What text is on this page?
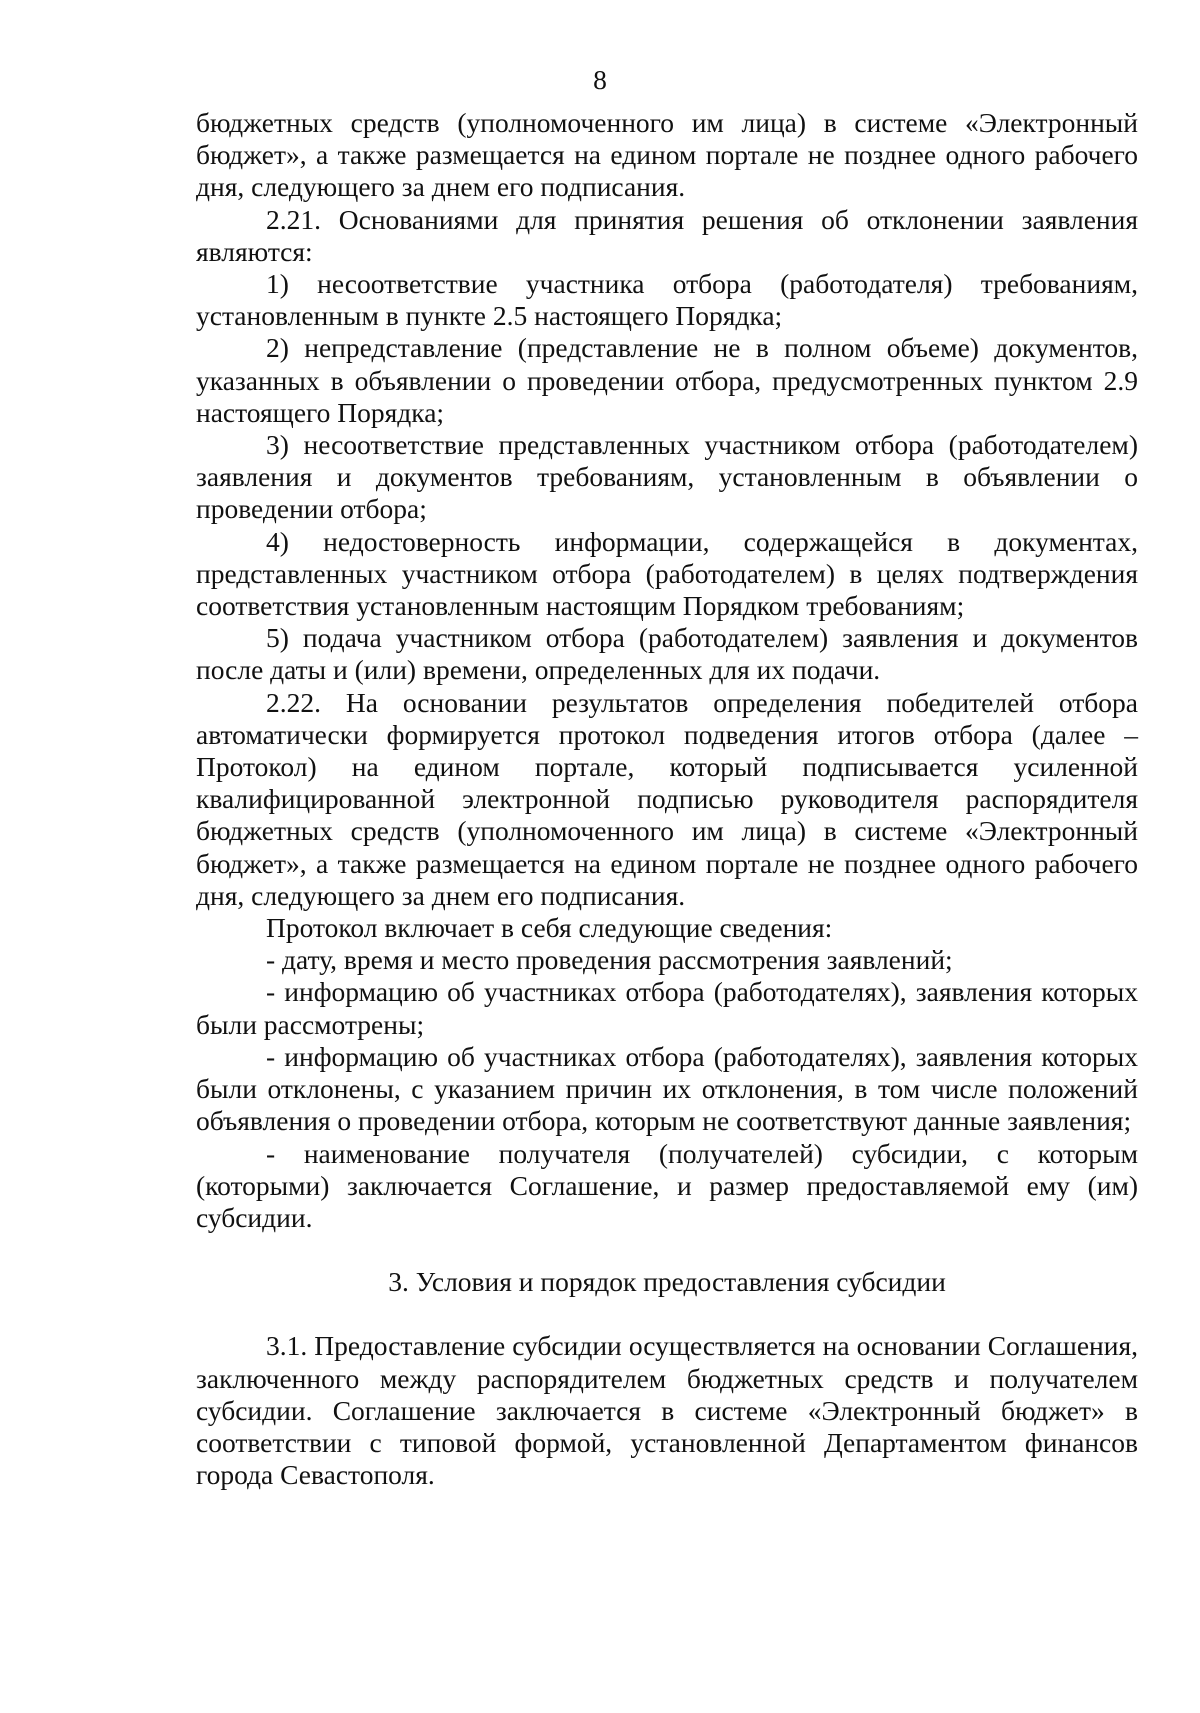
8

бюджетных средств (уполномоченного им лица) в системе «Электронный бюджет», а также размещается на едином портале не позднее одного рабочего дня, следующего за днем его подписания.

2.21. Основаниями для принятия решения об отклонении заявления являются:

1) несоответствие участника отбора (работодателя) требованиям, установленным в пункте 2.5 настоящего Порядка;

2) непредставление (представление не в полном объеме) документов, указанных в объявлении о проведении отбора, предусмотренных пунктом 2.9 настоящего Порядка;

3) несоответствие представленных участником отбора (работодателем) заявления и документов требованиям, установленным в объявлении о проведении отбора;

4) недостоверность информации, содержащейся в документах, представленных участником отбора (работодателем) в целях подтверждения соответствия установленным настоящим Порядком требованиям;

5) подача участником отбора (работодателем) заявления и документов после даты и (или) времени, определенных для их подачи.

2.22. На основании результатов определения победителей отбора автоматически формируется протокол подведения итогов отбора (далее – Протокол) на едином портале, который подписывается усиленной квалифицированной электронной подписью руководителя распорядителя бюджетных средств (уполномоченного им лица) в системе «Электронный бюджет», а также размещается на едином портале не позднее одного рабочего дня, следующего за днем его подписания.

Протокол включает в себя следующие сведения:

- дату, время и место проведения рассмотрения заявлений;

- информацию об участниках отбора (работодателях), заявления которых были рассмотрены;

- информацию об участниках отбора (работодателях), заявления которых были отклонены, с указанием причин их отклонения, в том числе положений объявления о проведении отбора, которым не соответствуют данные заявления;

- наименование получателя (получателей) субсидии, с которым (которыми) заключается Соглашение, и размер предоставляемой ему (им) субсидии.

3. Условия и порядок предоставления субсидии

3.1. Предоставление субсидии осуществляется на основании Соглашения, заключенного между распорядителем бюджетных средств и получателем субсидии. Соглашение заключается в системе «Электронный бюджет» в соответствии с типовой формой, установленной Департаментом финансов города Севастополя.
